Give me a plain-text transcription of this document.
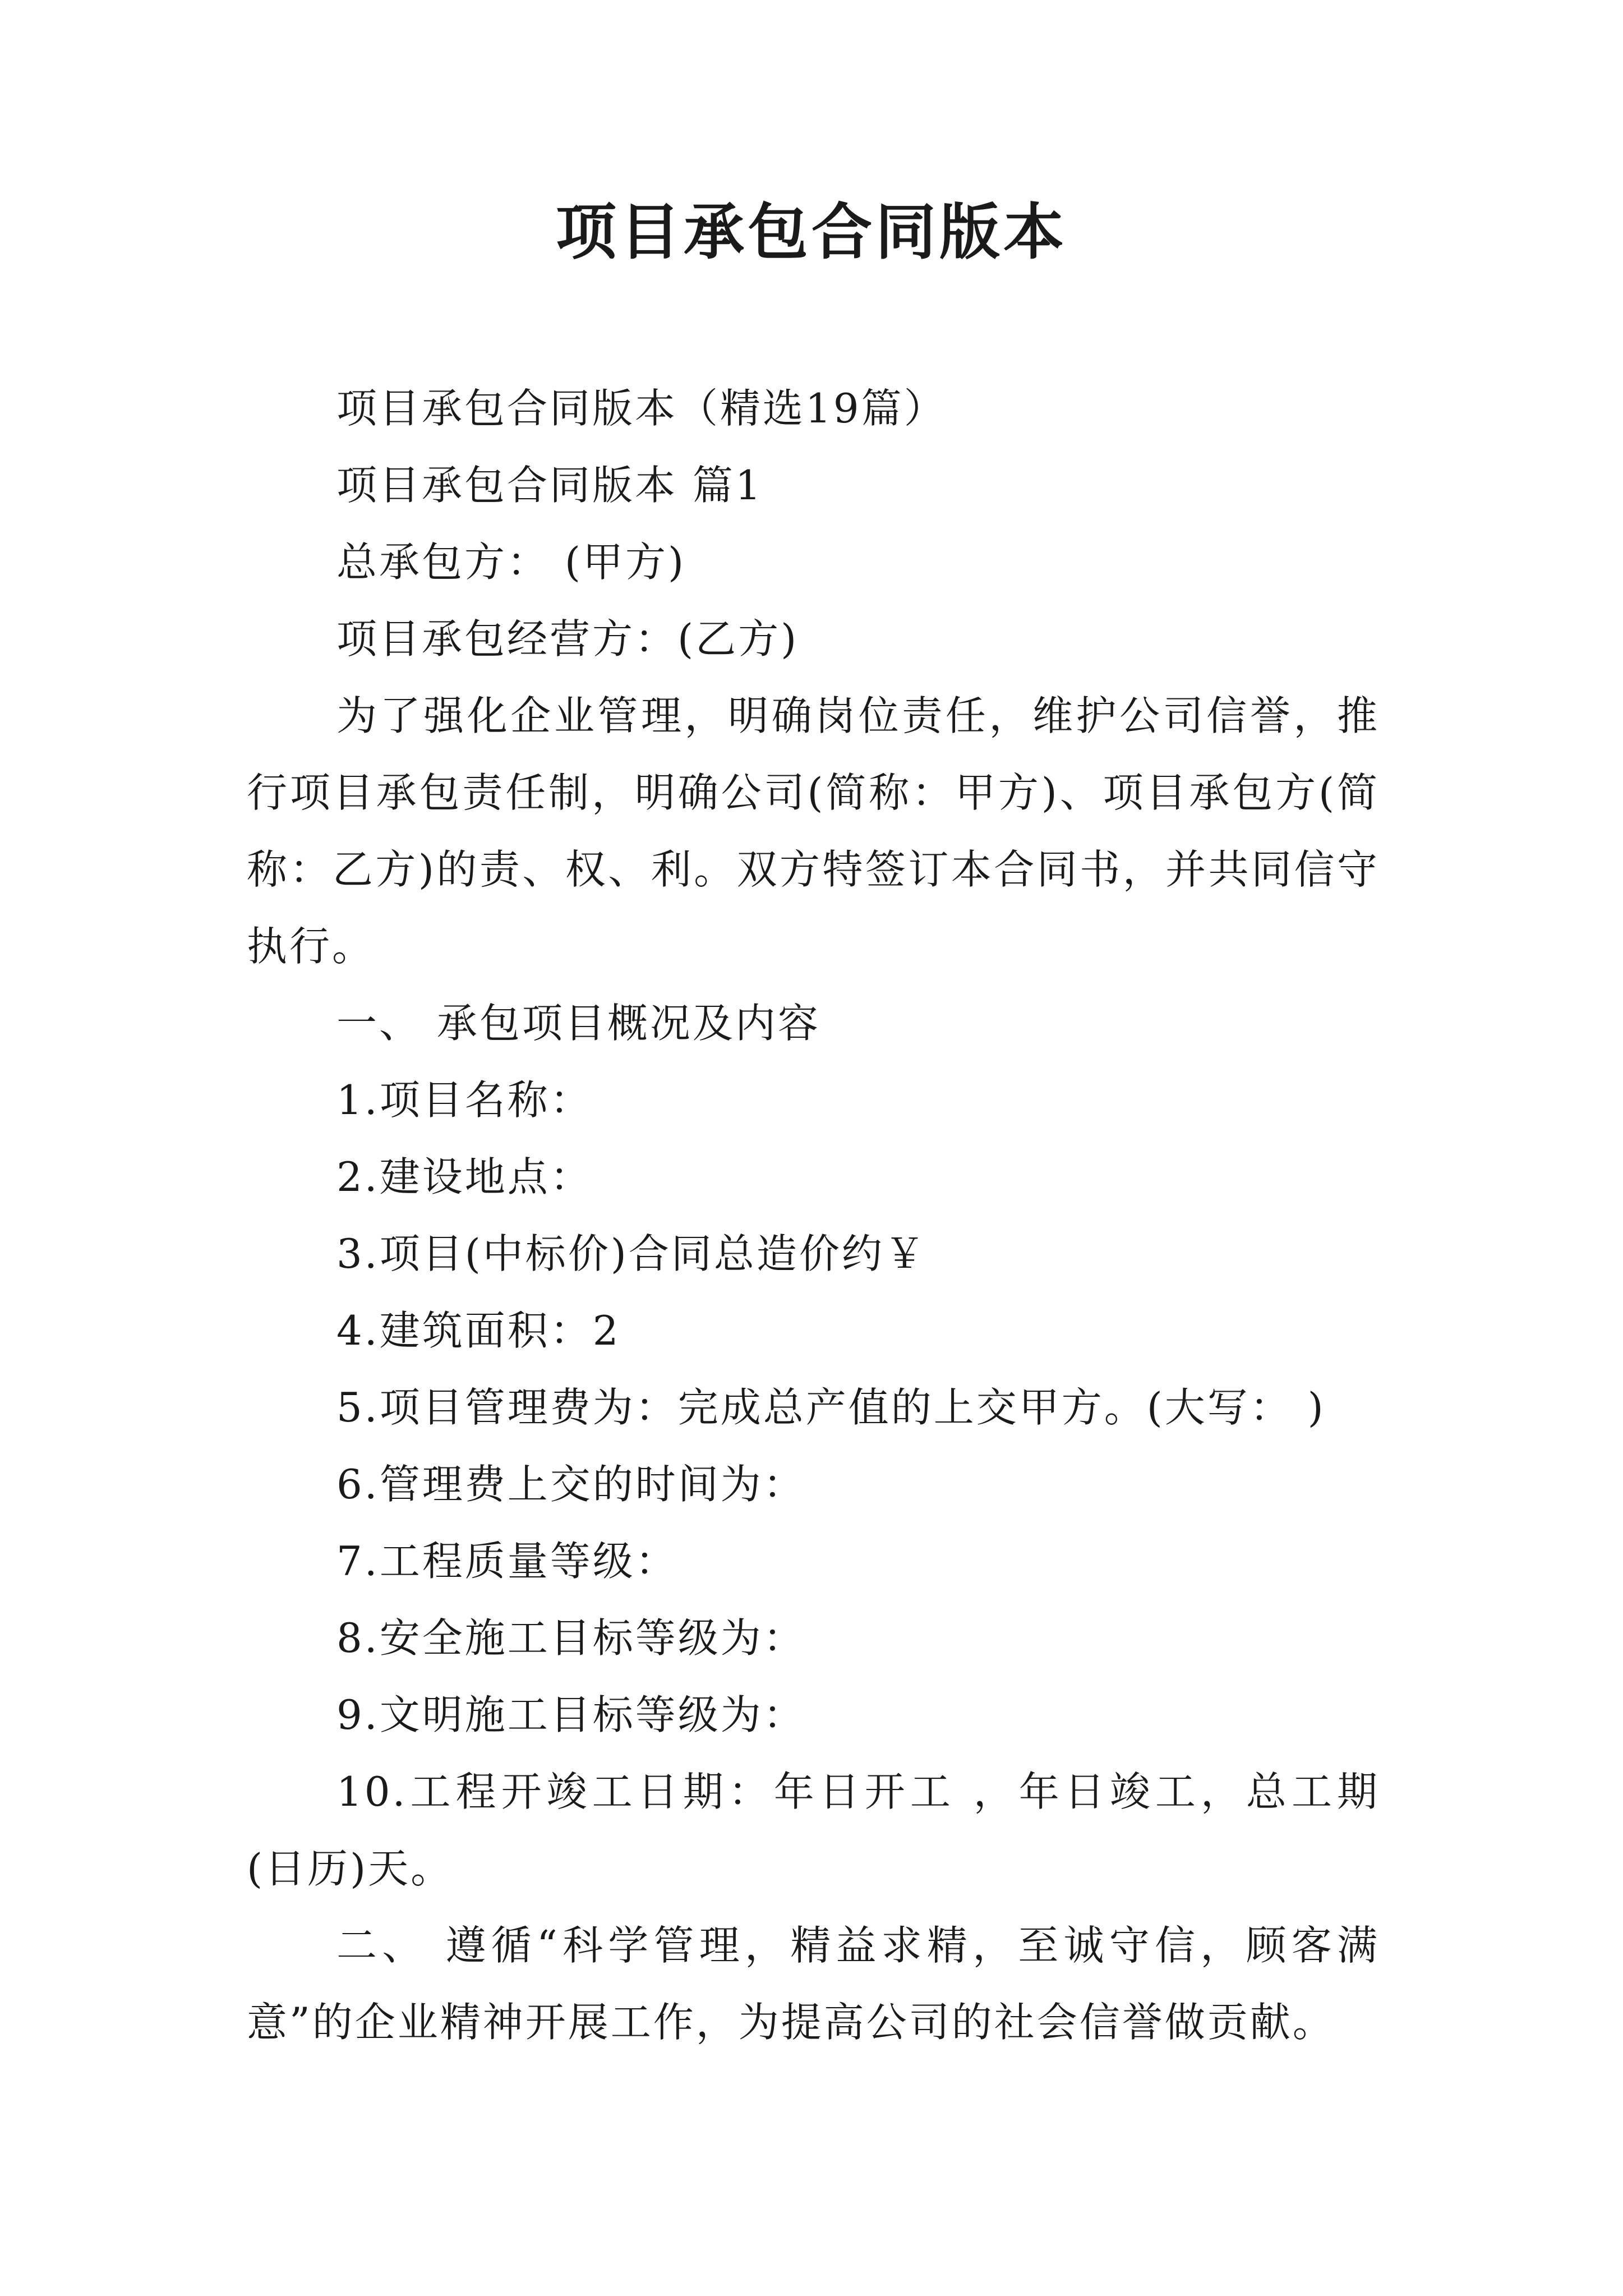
项目承包合同版本

项目承包合同版本（精选19篇）

项目承包合同版本 篇1

总承包方： (甲方)

项目承包经营方：(乙方)

为了强化企业管理，明确岗位责任，维护公司信誉，推行项目承包责任制，明确公司(简称：甲方)、项目承包方(简称：乙方)的责、权、利。双方特签订本合同书，并共同信守执行。

一、 承包项目概况及内容

1.项目名称：

2.建设地点：

3.项目(中标价)合同总造价约￥

4.建筑面积：2

5.项目管理费为：完成总产值的上交甲方。(大写： )

6.管理费上交的时间为：

7.工程质量等级：

8.安全施工目标等级为：

9.文明施工目标等级为：

10.工程开竣工日期：年日开工 ，年日竣工，总工期 (日历)天。

二、 遵循“科学管理，精益求精，至诚守信，顾客满意”的企业精神开展工作，为提高公司的社会信誉做贡献。
